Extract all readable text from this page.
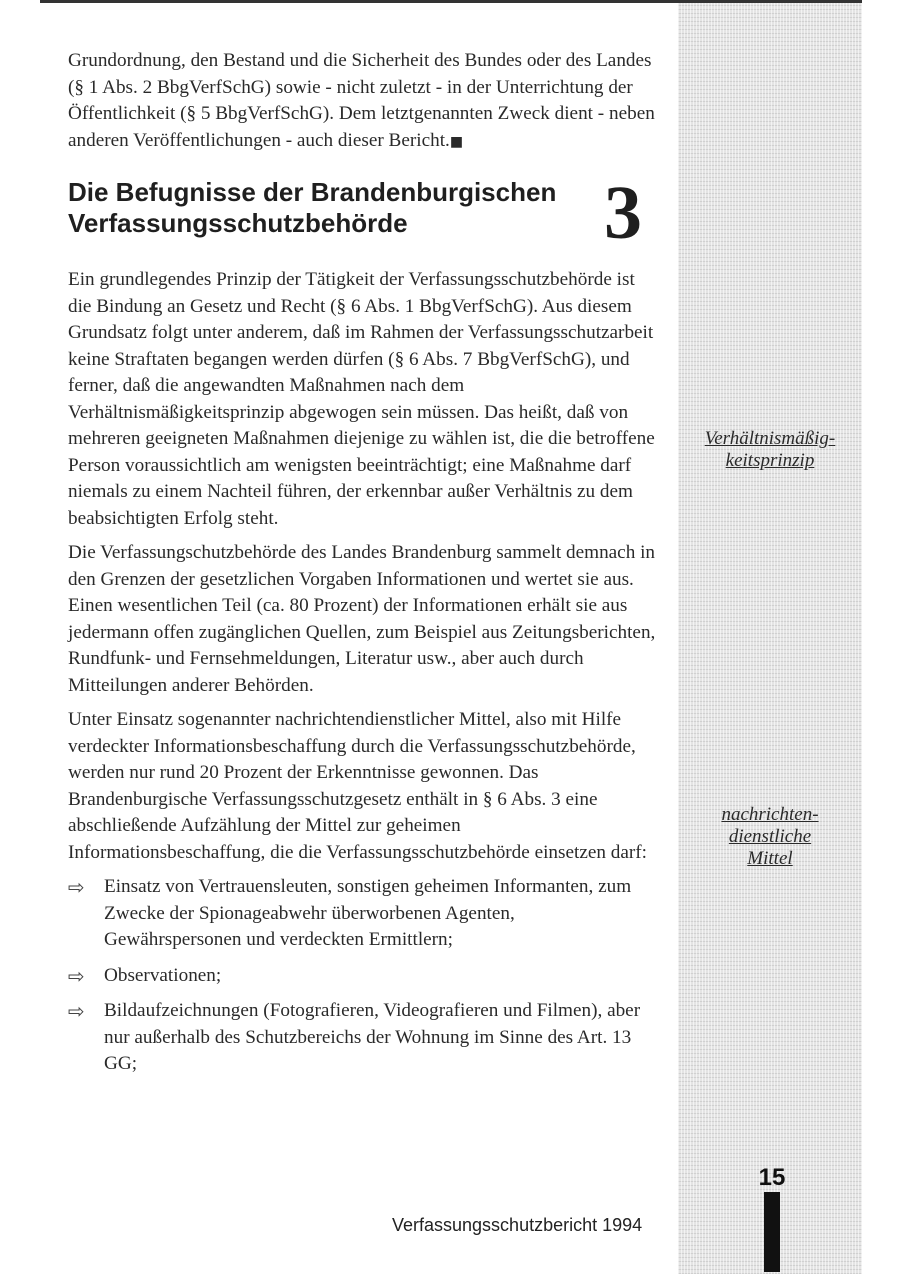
Grundordnung, den Bestand und die Sicherheit des Bundes oder des Landes (§ 1 Abs. 2 BbgVerfSchG) sowie - nicht zuletzt - in der Unterrichtung der Öffentlichkeit (§ 5 BbgVerfSchG). Dem letztgenannten Zweck dient - neben anderen Veröffentlichungen - auch dieser Bericht.■

Die Befugnisse der Brandenburgischen
Verfassungsschutzbehörde	3

Ein grundlegendes Prinzip der Tätigkeit der Verfassungsschutzbehörde ist die Bindung an Gesetz und Recht (§ 6 Abs. 1 BbgVerfSchG). Aus diesem Grundsatz folgt unter anderem, daß im Rahmen der Verfassungsschutzarbeit keine Straftaten begangen werden dürfen (§ 6 Abs. 7 BbgVerfSchG), und ferner, daß die angewandten Maßnahmen nach dem Verhältnismäßigkeitsprinzip abgewogen sein müssen. Das heißt, daß von mehreren geeigneten Maßnahmen diejenige zu wählen ist, die die betroffene Person voraussichtlich am wenigsten beeinträchtigt; eine Maßnahme darf niemals zu einem Nachteil führen, der erkennbar außer Verhältnis zu dem beabsichtigten Erfolg steht.

Die Verfassungschutzbehörde des Landes Brandenburg sammelt demnach in den Grenzen der gesetzlichen Vorgaben Informationen und wertet sie aus. Einen wesentlichen Teil (ca. 80 Prozent) der Informationen erhält sie aus jedermann offen zugänglichen Quellen, zum Beispiel aus Zeitungsberichten, Rundfunk- und Fernsehmeldungen, Literatur usw., aber auch durch Mitteilungen anderer Behörden.

Unter Einsatz sogenannter nachrichtendienstlicher Mittel, also mit Hilfe verdeckter Informationsbeschaffung durch die Verfassungsschutzbehörde, werden nur rund 20 Prozent der Erkenntnisse gewonnen. Das Brandenburgische Verfassungsschutzgesetz enthält in § 6 Abs. 3 eine abschließende Aufzählung der Mittel zur geheimen Informationsbeschaffung, die die Verfassungsschutzbehörde einsetzen darf:

⇨	Einsatz von Vertrauensleuten, sonstigen geheimen Informanten, zum Zwecke der Spionageabwehr überworbenen Agenten, Gewährspersonen und verdeckten Ermittlern;
⇨	Observationen;
⇨	Bildaufzeichnungen (Fotografieren, Videografieren und Filmen), aber nur außerhalb des Schutzbereichs der Wohnung im Sinne des Art. 13 GG;
Verhältnismäßig-
keitsprinzip
nachrichten-
dienstliche
Mittel
15
Verfassungsschutzbericht 1994
